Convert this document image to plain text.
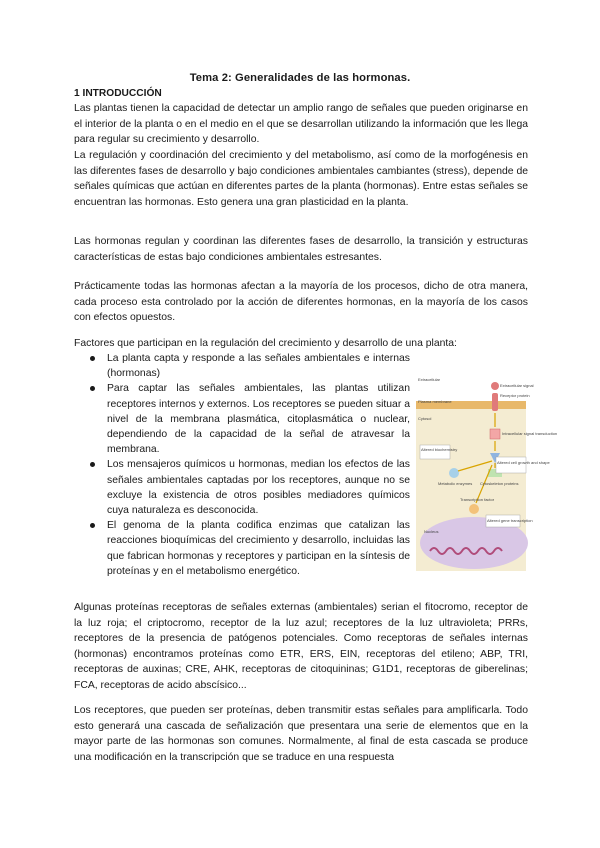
Tema 2: Generalidades de las hormonas.
1 INTRODUCCIÓN

Las plantas tienen la capacidad de detectar un amplio rango de señales que pueden originarse en el interior de la planta o en el medio en el que se desarrollan utilizando la información que les llega para regular su crecimiento y desarrollo.

La regulación y coordinación del crecimiento y del metabolismo, así como de la morfogénesis en las diferentes fases de desarrollo y bajo condiciones ambientales cambiantes (stress), depende de señales químicas que actúan en diferentes partes de la planta (hormonas). Entre estas señales se encuentran las hormonas. Esto genera una gran plasticidad en la planta.

Las hormonas regulan y coordinan las diferentes fases de desarrollo, la transición y estructuras características de estas bajo condiciones ambientales estresantes.

Prácticamente todas las hormonas afectan a la mayoría de los procesos, dicho de otra manera, cada proceso esta controlado por la acción de diferentes hormonas, en la mayoría de los casos con efectos opuestos.

Factores que participan en la regulación del crecimiento y desarrollo de una planta:

La planta capta y responde a las señales ambientales e internas (hormonas)
Para captar las señales ambientales, las plantas utilizan receptores internos y externos. Los receptores se pueden situar a nivel de la membrana plasmática, citoplasmática o nuclear, dependiendo de la capacidad de la señal de atravesar la membrana.
Los mensajeros químicos u hormonas, median los efectos de las señales ambientales captadas por los receptores, aunque no se excluye la existencia de otros posibles mediadores químicos cuya naturaleza es desconocida.
El genoma de la planta codifica enzimas que catalizan las reacciones bioquímicas del crecimiento y desarrollo, incluidas las que fabrican hormonas y receptores y participan en la síntesis de proteínas y en el metabolismo energético.
Extracellular
Plasma membrane
Cytosol
Extracellular signal
Receptor protein
Intracellular signal transduction
Altered biochemistry
Altered cell growth and shape
Metabolic enzymes Cytoskeleton proteins
Transcription factor
Nucleus
Altered gene transcription

Algunas proteínas receptoras de señales externas (ambientales) serian el fitocromo, receptor de la luz roja; el criptocromo, receptor de la luz azul; receptores de la luz ultravioleta; PRRs, receptores de la presencia de patógenos potenciales. Como receptoras de señales internas (hormonas) encontramos proteínas como ETR, ERS, EIN, receptoras del etileno; ABP, TRI, receptoras de auxinas; CRE, AHK, receptoras de citoquininas; G1D1, receptoras de giberelinas; FCA, receptoras de acido abscísico...

Los receptores, que pueden ser proteínas, deben transmitir estas señales para amplificarla. Todo esto generará una cascada de señalización que presentara una serie de elementos que en la mayor parte de las hormonas son comunes. Normalmente, al final de esta cascada se produce una modificación en la transcripción que se traduce en una respuesta
